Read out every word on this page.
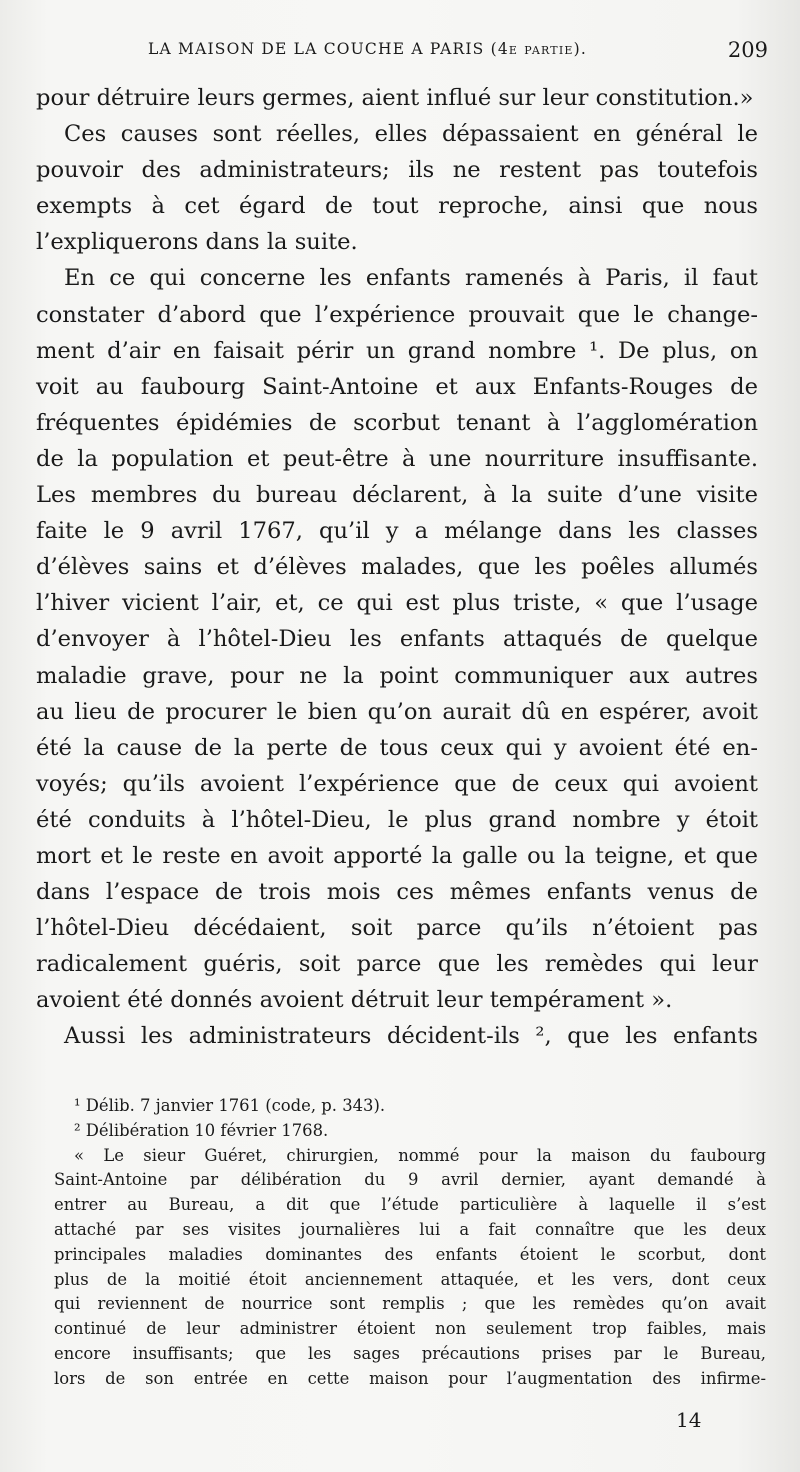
LA MAISON DE LA COUCHE A PARIS (4e partie).	209
pour détruire leurs germes, aient influé sur leur constitution.»
Ces causes sont réelles, elles dépassaient en général le
pouvoir des administrateurs; ils ne restent pas toutefois
exempts à cet égard de tout reproche, ainsi que nous
l’expliquerons dans la suite.
En ce qui concerne les enfants ramenés à Paris, il faut
constater d’abord que l’expérience prouvait que le change-
ment d’air en faisait périr un grand nombre ¹. De plus, on
voit au faubourg Saint-Antoine et aux Enfants-Rouges de
fréquentes épidémies de scorbut tenant à l’agglomération
de la population et peut-être à une nourriture insuffisante.
Les membres du bureau déclarent, à la suite d’une visite
faite le 9 avril 1767, qu’il y a mélange dans les classes
d’élèves sains et d’élèves malades, que les poêles allumés
l’hiver vicient l’air, et, ce qui est plus triste, « que l’usage
d’envoyer à l’hôtel-Dieu les enfants attaqués de quelque
maladie grave, pour ne la point communiquer aux autres
au lieu de procurer le bien qu’on aurait dû en espérer, avoit
été la cause de la perte de tous ceux qui y avoient été en-
voyés; qu’ils avoient l’expérience que de ceux qui avoient
été conduits à l’hôtel-Dieu, le plus grand nombre y étoit
mort et le reste en avoit apporté la galle ou la teigne, et que
dans l’espace de trois mois ces mêmes enfants venus de
l’hôtel-Dieu décédaient, soit parce qu’ils n’étoient pas
radicalement guéris, soit parce que les remèdes qui leur
avoient été donnés avoient détruit leur tempérament ».
Aussi les administrateurs décident-ils ², que les enfants
¹ Délib. 7 janvier 1761 (code, p. 343).
² Délibération 10 février 1768.
« Le sieur Guéret, chirurgien, nommé pour la maison du faubourg
Saint-Antoine par délibération du 9 avril dernier, ayant demandé à
entrer au Bureau, a dit que l’étude particulière à laquelle il s’est
attaché par ses visites journalières lui a fait connaître que les deux
principales maladies dominantes des enfants étoient le scorbut, dont
plus de la moitié étoit anciennement attaquée, et les vers, dont ceux
qui reviennent de nourrice sont remplis ; que les remèdes qu’on avait
continué de leur administrer étoient non seulement trop faibles, mais
encore insuffisants; que les sages précautions prises par le Bureau,
lors de son entrée en cette maison pour l’augmentation des infirme-
14
